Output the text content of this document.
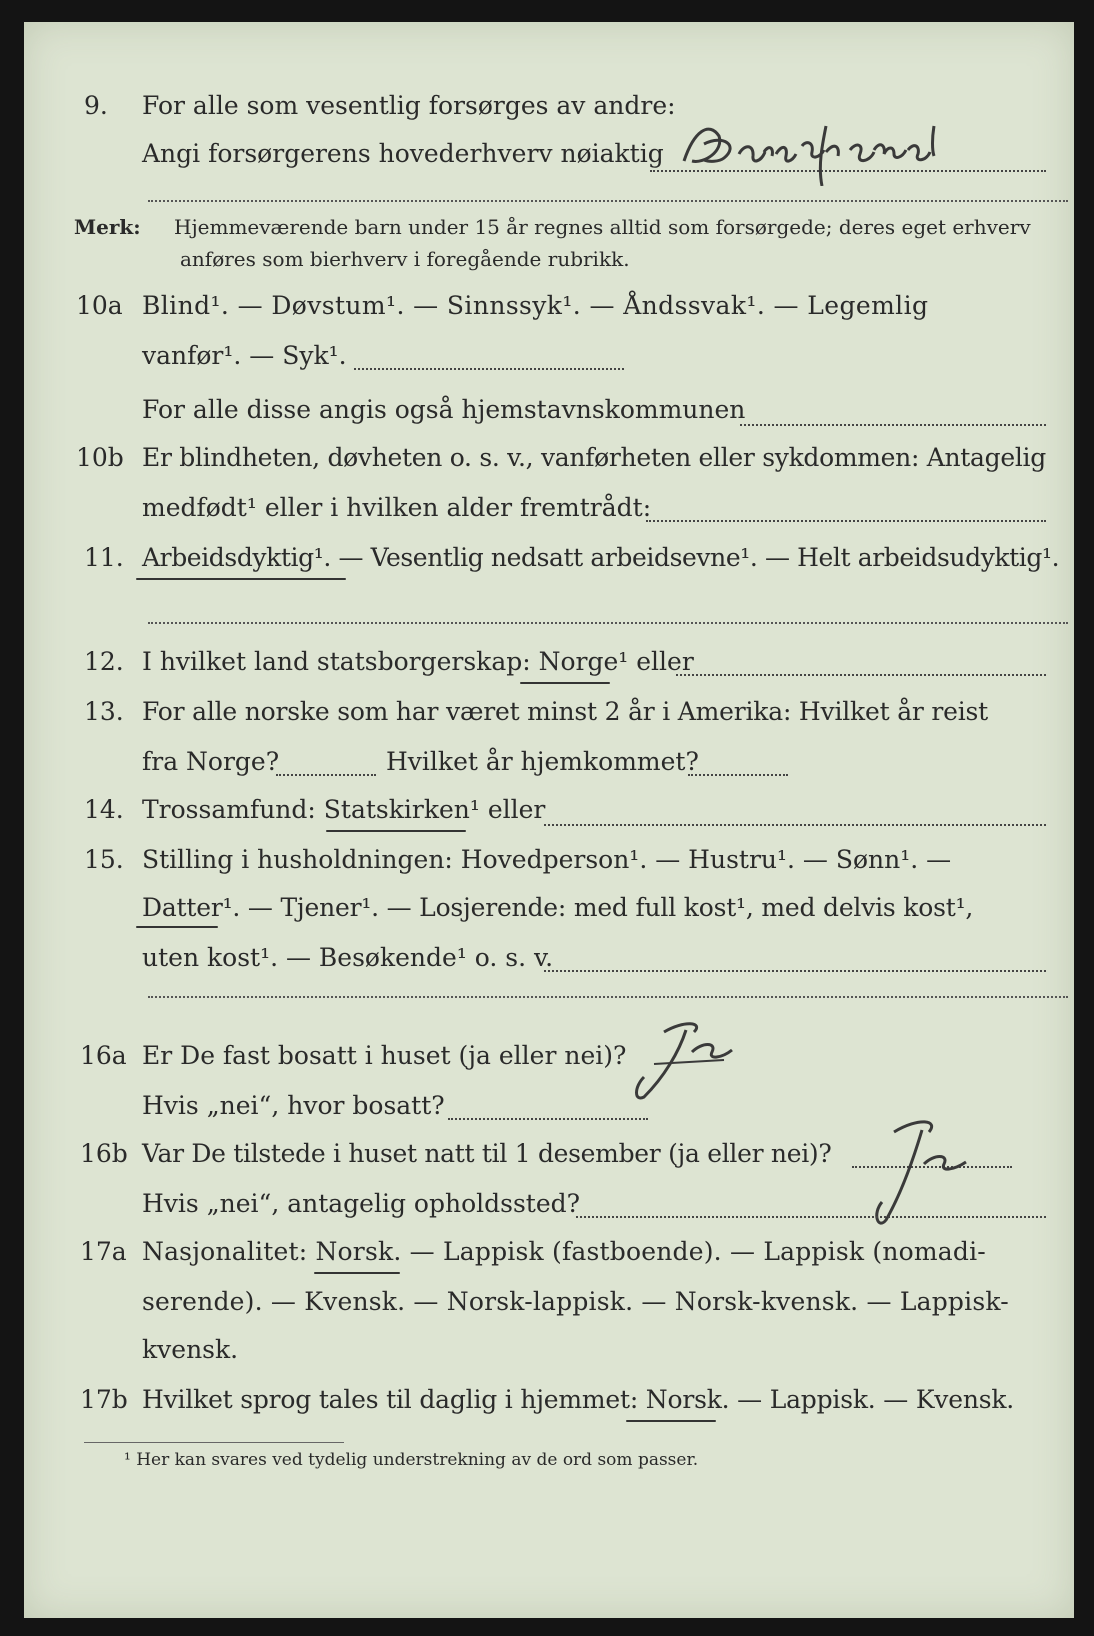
9.	For alle som vesentlig forsørges av andre:
Angi forsørgerens hovederhverv nøiaktig
Merk: Hjemmeværende barn under 15 år regnes alltid som forsørgede; deres eget erhverv
anføres som bierhverv i foregående rubrikk.
10a Blind¹. — Døvstum¹. — Sinnssyk¹. — Åndssvak¹. — Legemlig
vanfør¹. — Syk¹.
For alle disse angis også hjemstavnskommunen
10b Er blindheten, døvheten o. s. v., vanførheten eller sykdommen: Antagelig
medfødt¹ eller i hvilken alder fremtrådt:
11. Arbeidsdyktig¹. — Vesentlig nedsatt arbeidsevne¹. — Helt arbeidsudyktig¹.
12. I hvilket land statsborgerskap: Norge¹ eller
13. For alle norske som har været minst 2 år i Amerika: Hvilket år reist
fra Norge?	Hvilket år hjemkommet?
14. Trossamfund: Statskirken¹ eller
15. Stilling i husholdningen: Hovedperson¹. — Hustru¹. — Sønn¹. —
Datter¹. — Tjener¹. — Losjerende: med full kost¹, med delvis kost¹,
uten kost¹. — Besøkende¹ o. s. v.
16a Er De fast bosatt i huset (ja eller nei)?
Hvis „nei“, hvor bosatt?
16b Var De tilstede i huset natt til 1 desember (ja eller nei)?
Hvis „nei“, antagelig opholdssted?
17a Nasjonalitet: Norsk. — Lappisk (fastboende). — Lappisk (nomadi-
serende). — Kvensk. — Norsk-lappisk. — Norsk-kvensk. — Lappisk-
kvensk.
17b Hvilket sprog tales til daglig i hjemmet: Norsk. — Lappisk. — Kvensk.
¹ Her kan svares ved tydelig understrekning av de ord som passer.
